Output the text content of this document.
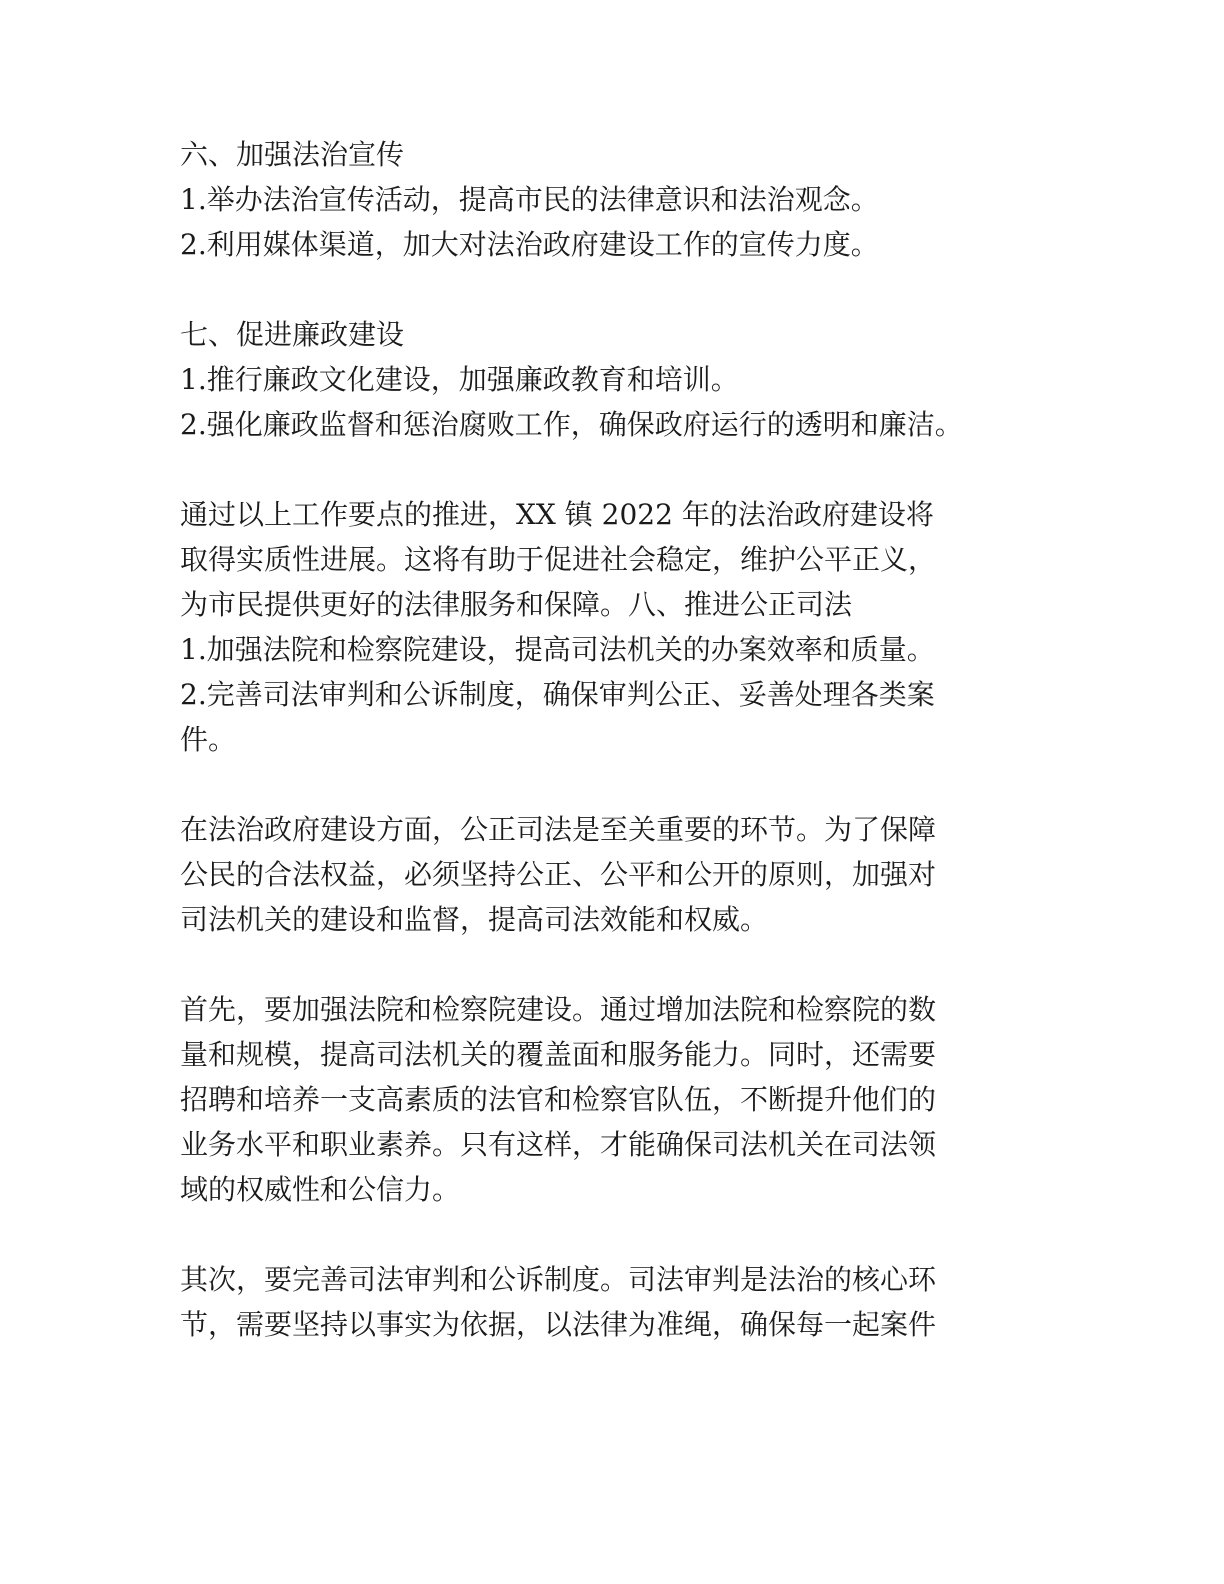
六、加强法治宣传
1.举办法治宣传活动，提高市民的法律意识和法治观念。
2.利用媒体渠道，加大对法治政府建设工作的宣传力度。
七、促进廉政建设
1.推行廉政文化建设，加强廉政教育和培训。
2.强化廉政监督和惩治腐败工作，确保政府运行的透明和廉洁。
通过以上工作要点的推进，XX 镇 2022 年的法治政府建设将
取得实质性进展。这将有助于促进社会稳定，维护公平正义，
为市民提供更好的法律服务和保障。八、推进公正司法
1.加强法院和检察院建设，提高司法机关的办案效率和质量。
2.完善司法审判和公诉制度，确保审判公正、妥善处理各类案
件。
在法治政府建设方面，公正司法是至关重要的环节。为了保障
公民的合法权益，必须坚持公正、公平和公开的原则，加强对
司法机关的建设和监督，提高司法效能和权威。
首先，要加强法院和检察院建设。通过增加法院和检察院的数
量和规模，提高司法机关的覆盖面和服务能力。同时，还需要
招聘和培养一支高素质的法官和检察官队伍，不断提升他们的
业务水平和职业素养。只有这样，才能确保司法机关在司法领
域的权威性和公信力。
其次，要完善司法审判和公诉制度。司法审判是法治的核心环
节，需要坚持以事实为依据，以法律为准绳，确保每一起案件
